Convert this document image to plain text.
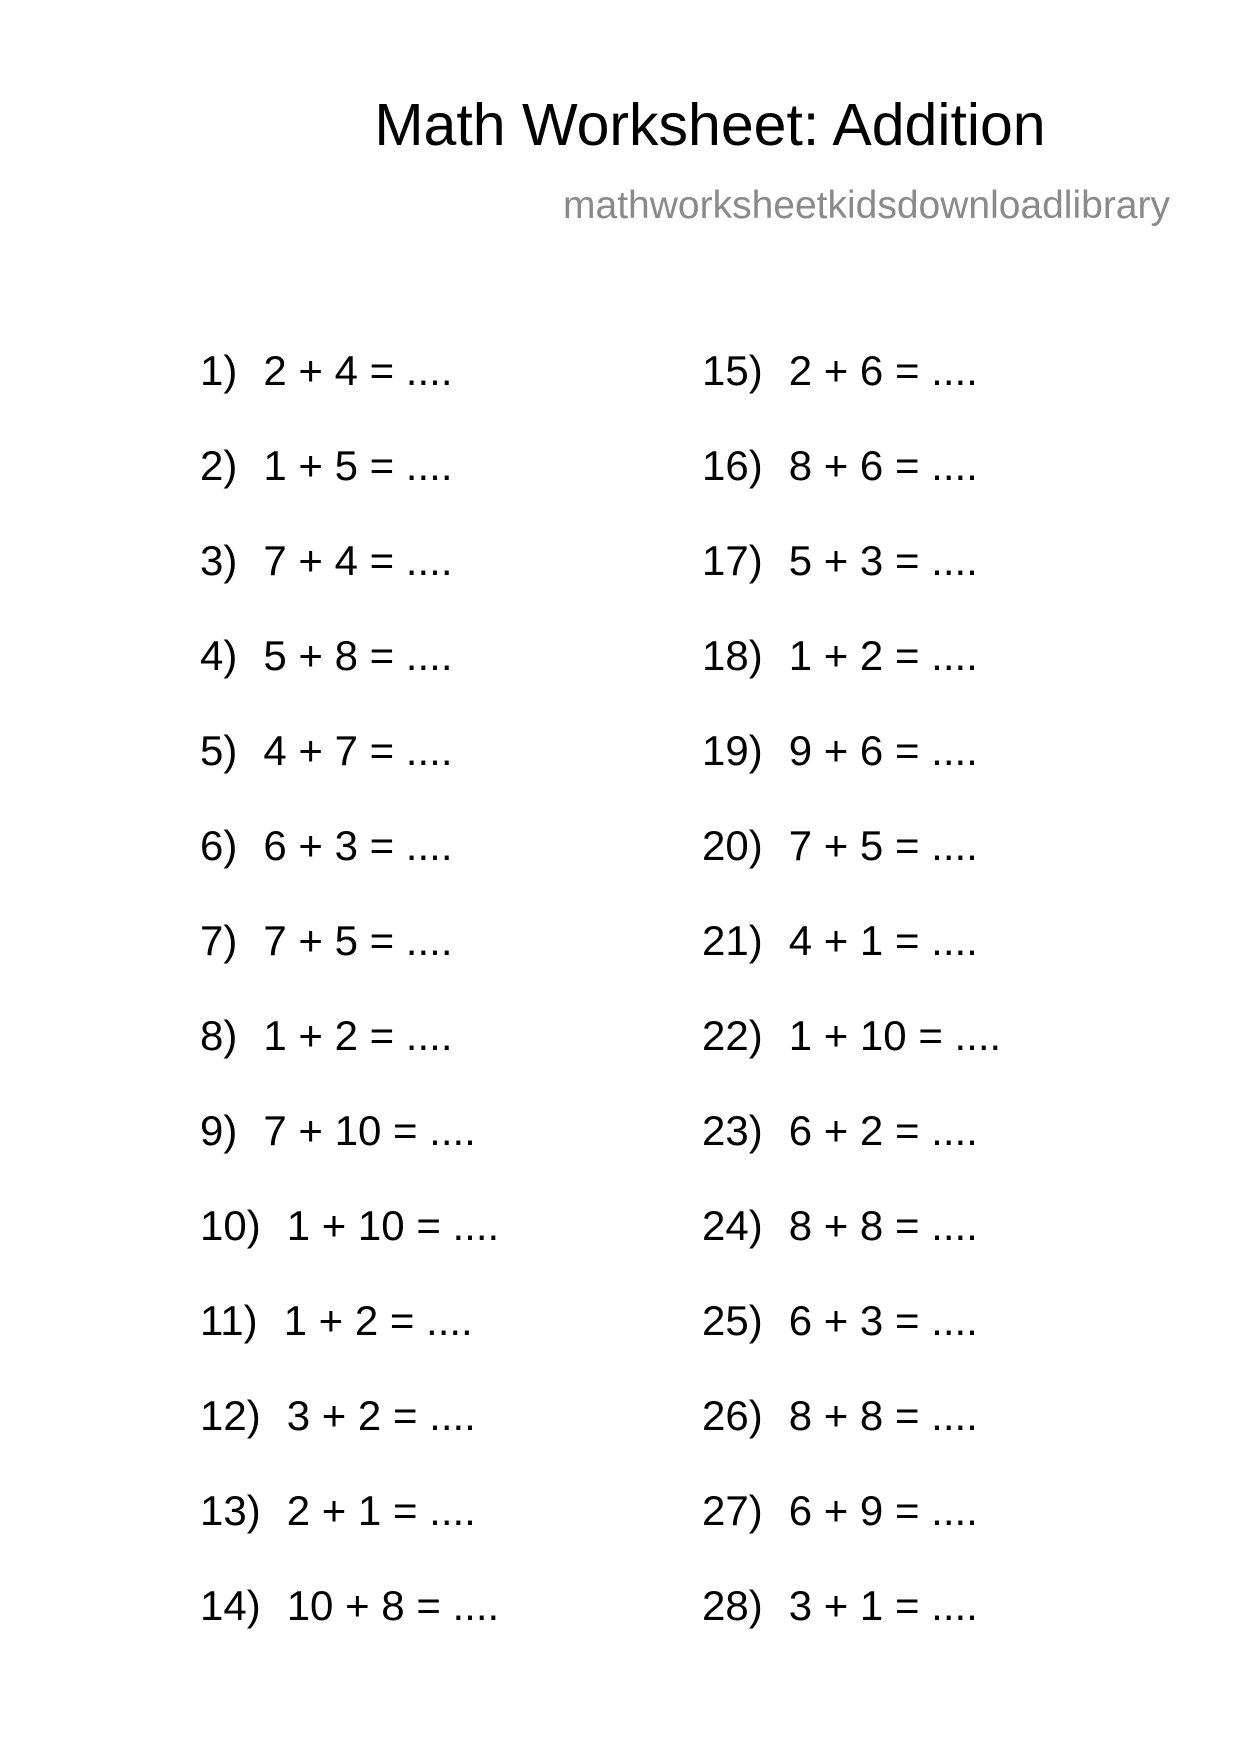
Math Worksheet: Addition
mathworksheetkidsdownloadlibrary
1) 2 + 4 = ....
2) 1 + 5 = ....
3) 7 + 4 = ....
4) 5 + 8 = ....
5) 4 + 7 = ....
6) 6 + 3 = ....
7) 7 + 5 = ....
8) 1 + 2 = ....
9) 7 + 10 = ....
10) 1 + 10 = ....
11) 1 + 2 = ....
12) 3 + 2 = ....
13) 2 + 1 = ....
14) 10 + 8 = ....
15) 2 + 6 = ....
16) 8 + 6 = ....
17) 5 + 3 = ....
18) 1 + 2 = ....
19) 9 + 6 = ....
20) 7 + 5 = ....
21) 4 + 1 = ....
22) 1 + 10 = ....
23) 6 + 2 = ....
24) 8 + 8 = ....
25) 6 + 3 = ....
26) 8 + 8 = ....
27) 6 + 9 = ....
28) 3 + 1 = ....
